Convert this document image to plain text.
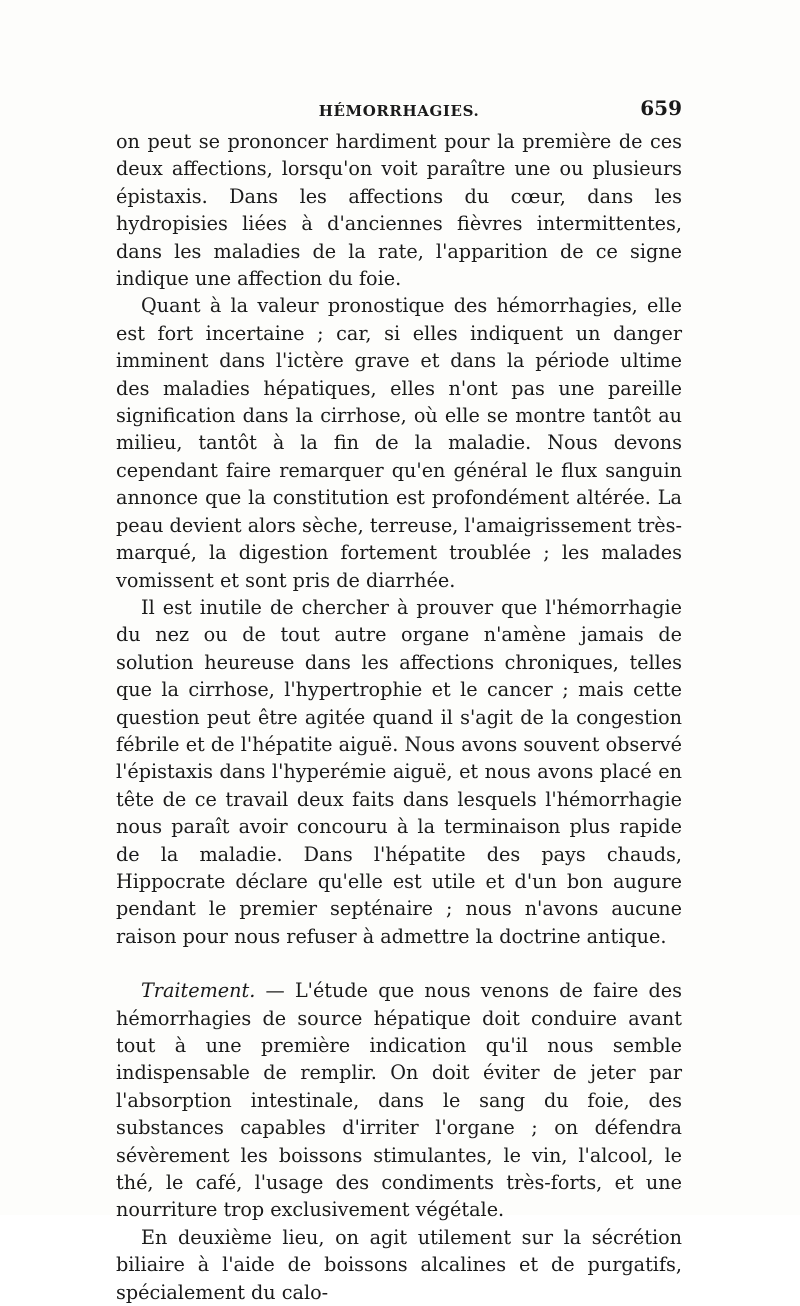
HÉMORRHAGIES.	659

on peut se prononcer hardiment pour la première de ces deux affections, lorsqu'on voit paraître une ou plusieurs épistaxis. Dans les affections du cœur, dans les hydropisies liées à d'anciennes fièvres intermittentes, dans les maladies de la rate, l'apparition de ce signe indique une affection du foie.

Quant à la valeur pronostique des hémorrhagies, elle est fort incertaine ; car, si elles indiquent un danger imminent dans l'ictère grave et dans la période ultime des maladies hépatiques, elles n'ont pas une pareille signification dans la cirrhose, où elle se montre tantôt au milieu, tantôt à la fin de la maladie. Nous devons cependant faire remarquer qu'en général le flux sanguin annonce que la constitution est profondément altérée. La peau devient alors sèche, terreuse, l'amaigrissement très-marqué, la digestion fortement troublée ; les malades vomissent et sont pris de diarrhée.

Il est inutile de chercher à prouver que l'hémorrhagie du nez ou de tout autre organe n'amène jamais de solution heureuse dans les affections chroniques, telles que la cirrhose, l'hypertrophie et le cancer ; mais cette question peut être agitée quand il s'agit de la congestion fébrile et de l'hépatite aiguë. Nous avons souvent observé l'épistaxis dans l'hyperémie aiguë, et nous avons placé en tête de ce travail deux faits dans lesquels l'hémorrhagie nous paraît avoir concouru à la terminaison plus rapide de la maladie. Dans l'hépatite des pays chauds, Hippocrate déclare qu'elle est utile et d'un bon augure pendant le premier septénaire ; nous n'avons aucune raison pour nous refuser à admettre la doctrine antique.

Traitement. — L'étude que nous venons de faire des hémorrhagies de source hépatique doit conduire avant tout à une première indication qu'il nous semble indispensable de remplir. On doit éviter de jeter par l'absorption intestinale, dans le sang du foie, des substances capables d'irriter l'organe ; on défendra sévèrement les boissons stimulantes, le vin, l'alcool, le thé, le café, l'usage des condiments très-forts, et une nourriture trop exclusivement végétale.

En deuxième lieu, on agit utilement sur la sécrétion biliaire à l'aide de boissons alcalines et de purgatifs, spécialement du calo-
